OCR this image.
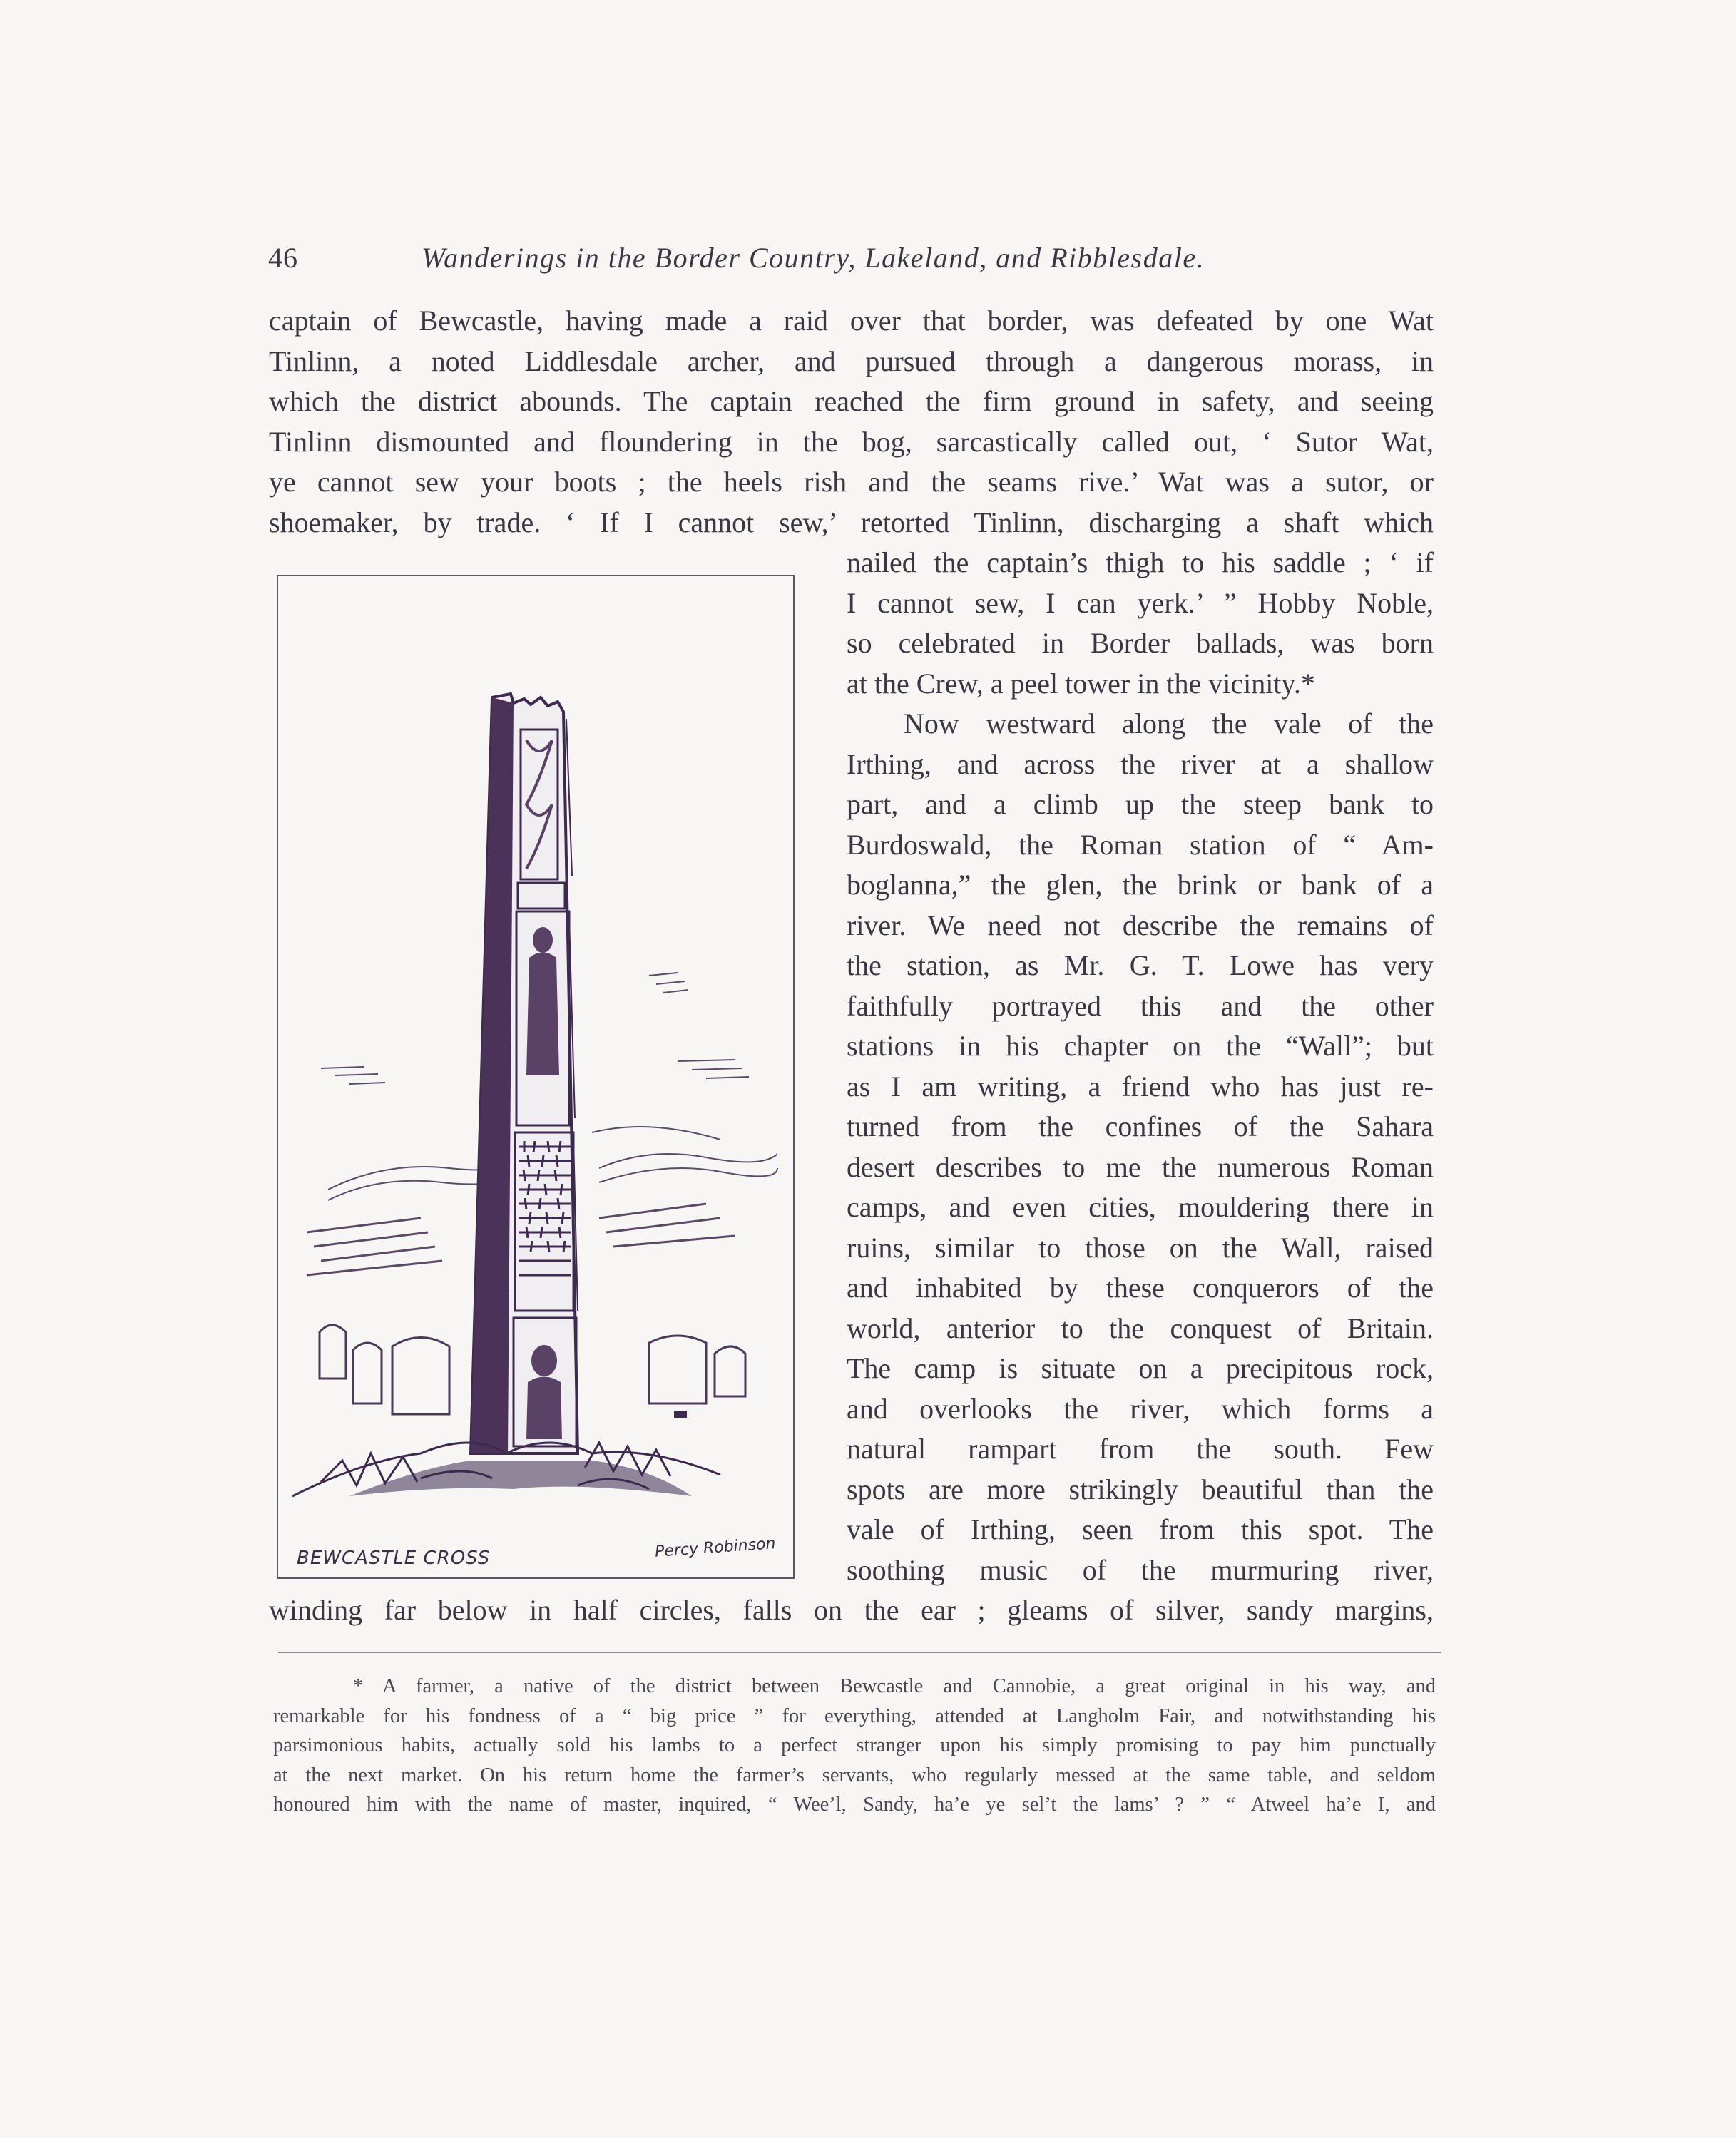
46	Wanderings in the Border Country, Lakeland, and Ribblesdale.
captain of Bewcastle, having made a raid over that border, was defeated by one Wat
Tinlinn, a noted Liddlesdale archer, and pursued through a dangerous morass, in
which the district abounds. The captain reached the firm ground in safety, and seeing
Tinlinn dismounted and floundering in the bog, sarcastically called out, ‘ Sutor Wat,
ye cannot sew your boots ; the heels rish and the seams rive.’ Wat was a sutor, or
shoemaker, by trade. ‘ If I cannot sew,’ retorted Tinlinn, discharging a shaft which
nailed the captain’s thigh to his saddle ; ‘ if
I cannot sew, I can yerk.’ ” Hobby Noble,
so celebrated in Border ballads, was born
at the Crew, a peel tower in the vicinity.*
Now westward along the vale of the
Irthing, and across the river at a shallow
part, and a climb up the steep bank to
Burdoswald, the Roman station of “ Am-
boglanna,” the glen, the brink or bank of a
river. We need not describe the remains of
the station, as Mr. G. T. Lowe has very
faithfully portrayed this and the other
stations in his chapter on the “Wall”; but
as I am writing, a friend who has just re-
turned from the confines of the Sahara
desert describes to me the numerous Roman
camps, and even cities, mouldering there in
ruins, similar to those on the Wall, raised
and inhabited by these conquerors of the
world, anterior to the conquest of Britain.
The camp is situate on a precipitous rock,
and overlooks the river, which forms a
natural rampart from the south. Few
spots are more strikingly beautiful than the
vale of Irthing, seen from this spot. The
soothing music of the murmuring river,
winding far below in half circles, falls on the ear ; gleams of silver, sandy margins,
BEWCASTLE CROSS	Percy Robinson
* A farmer, a native of the district between Bewcastle and Cannobie, a great original in his way, and
remarkable for his fondness of a “ big price ” for everything, attended at Langholm Fair, and notwithstanding his
parsimonious habits, actually sold his lambs to a perfect stranger upon his simply promising to pay him punctually
at the next market. On his return home the farmer’s servants, who regularly messed at the same table, and seldom
honoured him with the name of master, inquired, “ Wee’l, Sandy, ha’e ye sel’t the lams’ ? ” “ Atweel ha’e I, and
